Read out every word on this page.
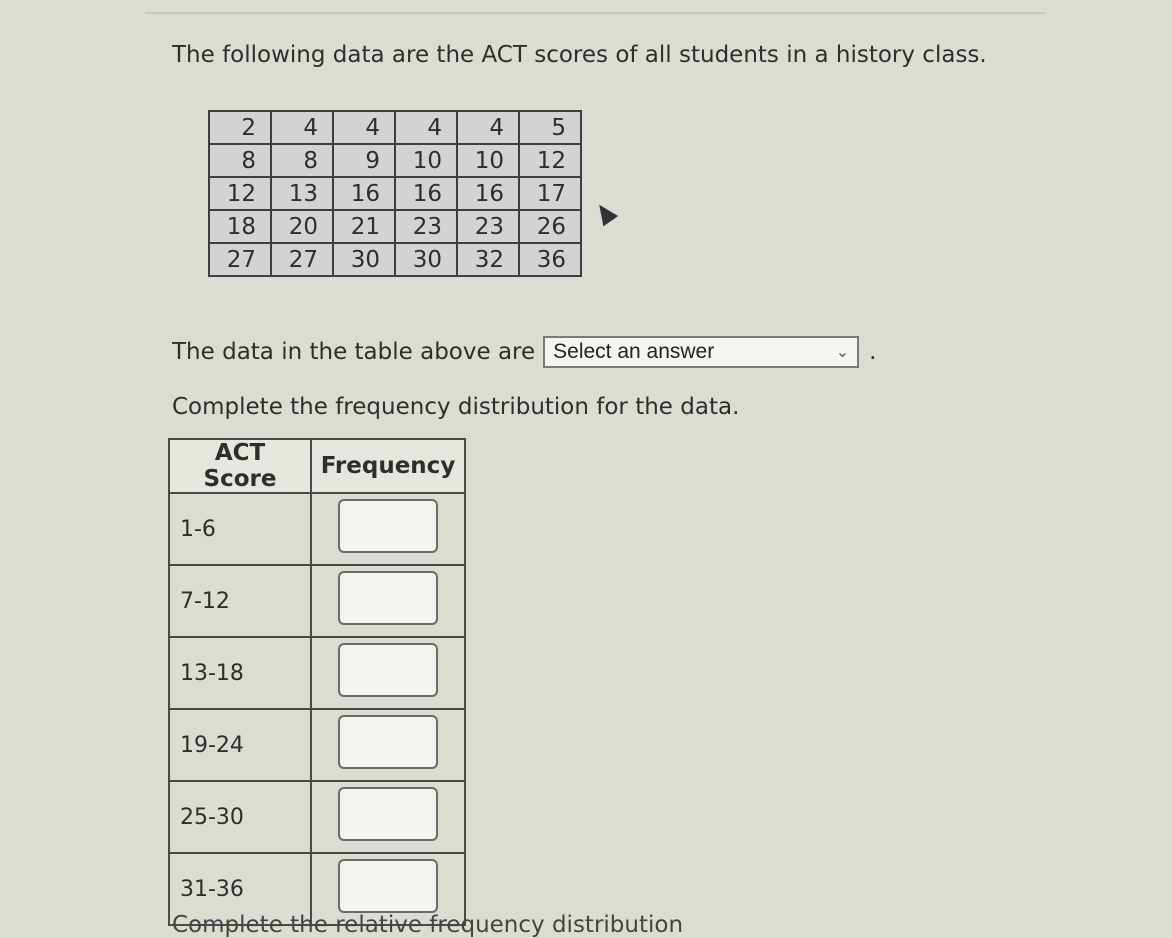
The following data are the ACT scores of all students in a history class.
2	4	4	4	4	5
8	8	9	10	10	12
12	13	16	16	16	17
18	20	21	23	23	26
27	27	30	30	32	36
The data in the table above are Select an answer	⌄ .
Complete the frequency distribution for the data.
ACT Score	Frequency
1-6	
7-12	
13-18	
19-24	
25-30	
31-36	
Complete the relative frequency distribution
